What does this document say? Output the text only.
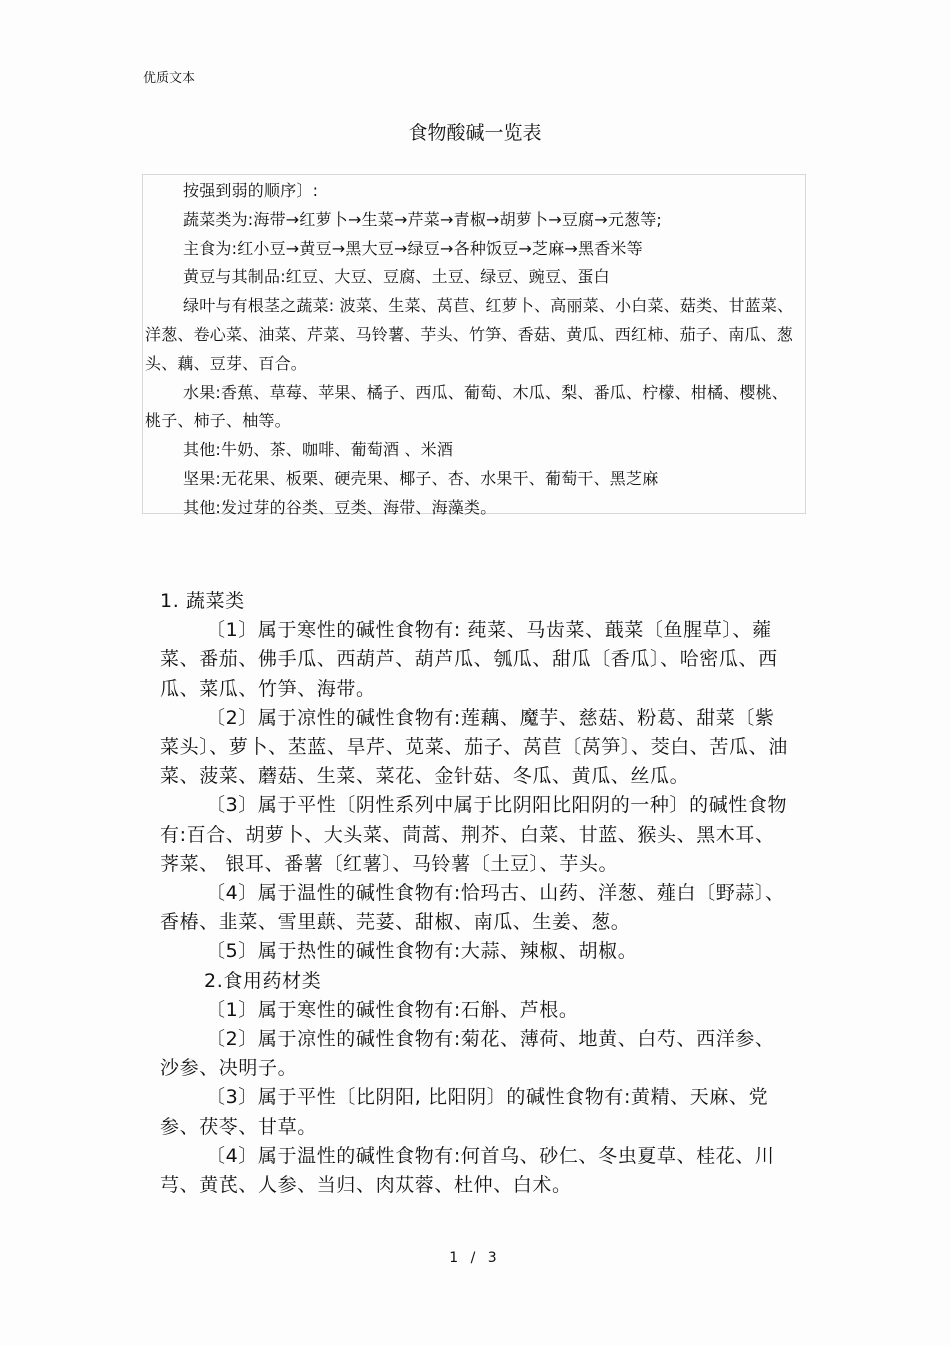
优质文本
食物酸碱一览表

按强到弱的顺序〕:

蔬菜类为:海带→红萝卜→生菜→芹菜→青椒→胡萝卜→豆腐→元葱等;

主食为:红小豆→黄豆→黑大豆→绿豆→各种饭豆→芝麻→黑香米等

黄豆与其制品:红豆、大豆、豆腐、土豆、绿豆、豌豆、蛋白

绿叶与有根茎之蔬菜: 波菜、生菜、莴苣、红萝卜、高丽菜、小白菜、菇类、甘蓝菜、洋葱、卷心菜、油菜、芹菜、马铃薯、芋头、竹笋、香菇、黄瓜、西红柿、茄子、南瓜、葱头、藕、豆芽、百合。

水果:香蕉、草莓、苹果、橘子、西瓜、葡萄、木瓜、梨、番瓜、柠檬、柑橘、樱桃、桃子、柿子、柚等。

其他:牛奶、茶、咖啡、葡萄酒 、米酒

坚果:无花果、板栗、硬壳果、椰子、杏、水果干、葡萄干、黑芝麻

其他:发过芽的谷类、豆类、海带、海藻类。

1. 蔬菜类

〔1〕属于寒性的碱性食物有: 莼菜、马齿菜、蕺菜〔鱼腥草〕、蕹菜、番茄、佛手瓜、西葫芦、葫芦瓜、瓠瓜、甜瓜〔香瓜〕、哈密瓜、西瓜、菜瓜、竹笋、海带。

〔2〕属于凉性的碱性食物有:莲藕、魔芋、慈菇、粉葛、甜菜〔紫菜头〕、萝卜、苤蓝、旱芹、苋菜、茄子、莴苣〔莴笋〕、茭白、苦瓜、油菜、菠菜、蘑菇、生菜、菜花、金针菇、冬瓜、黄瓜、丝瓜。

〔3〕属于平性〔阴性系列中属于比阴阳比阳阴的一种〕的碱性食物有:百合、胡萝卜、大头菜、茼蒿、荆芥、白菜、甘蓝、猴头、黑木耳、荠菜、 银耳、番薯〔红薯〕、马铃薯〔土豆〕、芋头。

〔4〕属于温性的碱性食物有:恰玛古、山药、洋葱、薤白〔野蒜〕、香椿、韭菜、雪里蕻、芫荽、甜椒、南瓜、生姜、葱。

〔5〕属于热性的碱性食物有:大蒜、辣椒、胡椒。

2.食用药材类

〔1〕属于寒性的碱性食物有:石斛、芦根。

〔2〕属于凉性的碱性食物有:菊花、薄荷、地黄、白芍、西洋参、沙参、决明子。

〔3〕属于平性〔比阴阳, 比阳阴〕的碱性食物有:黄精、天麻、党参、茯苓、甘草。

〔4〕属于温性的碱性食物有:何首乌、砂仁、冬虫夏草、桂花、川芎、黄芪、人参、当归、肉苁蓉、杜仲、白术。

1 / 3
